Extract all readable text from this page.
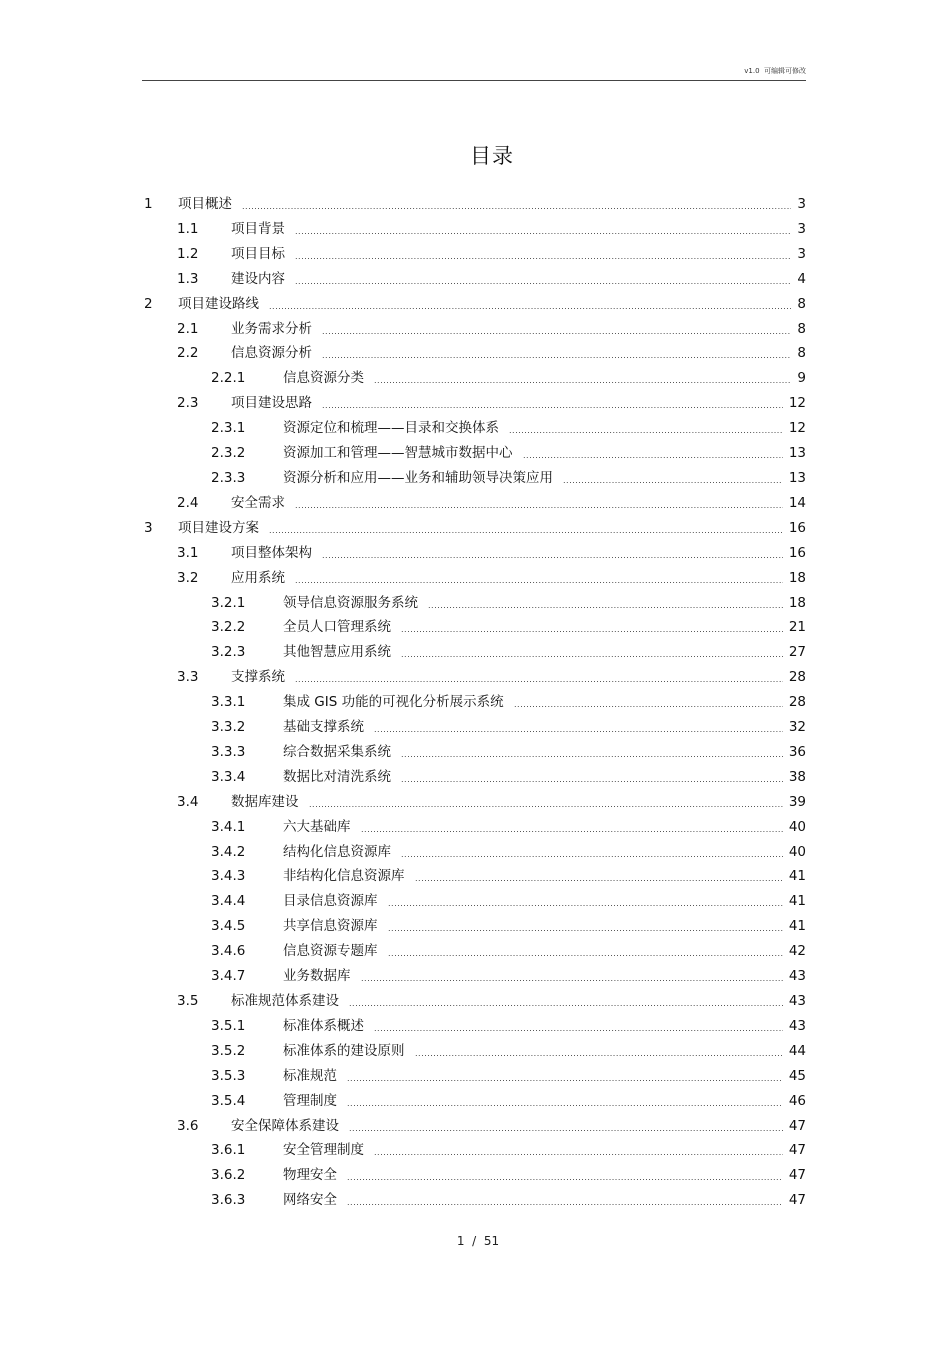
v1.0  可编辑可修改
目录
1 项目概述 .....	3
1.1 项目背景 .....	3
1.2 项目目标 .....	3
1.3 建设内容 .....	4
2 项目建设路线 .....	8
2.1 业务需求分析 .....	8
2.2 信息资源分析 .....	8
2.2.1	信息资源分类 .....	9
2.3 项目建设思路 .....	12
2.3.1	资源定位和梳理——目录和交换体系 .....	12
2.3.2	资源加工和管理——智慧城市数据中心 .....	13
2.3.3	资源分析和应用——业务和辅助领导决策应用 .....	13
2.4 安全需求 .....	14
3 项目建设方案 .....	16
3.1 项目整体架构 .....	16
3.2 应用系统 .....	18
3.2.1	领导信息资源服务系统 .....	18
3.2.2	全员人口管理系统 .....	21
3.2.3	其他智慧应用系统 .....	27
3.3 支撑系统 .....	28
3.3.1	集成 GIS 功能的可视化分析展示系统 .....	28
3.3.2	基础支撑系统 .....	32
3.3.3	综合数据采集系统 .....	36
3.3.4	数据比对清洗系统 .....	38
3.4 数据库建设 .....	39
3.4.1	六大基础库 .....	40
3.4.2	结构化信息资源库 .....	40
3.4.3	非结构化信息资源库 .....	41
3.4.4	目录信息资源库 .....	41
3.4.5	共享信息资源库 .....	41
3.4.6	信息资源专题库 .....	42
3.4.7	业务数据库 .....	43
3.5 标准规范体系建设 .....	43
3.5.1	标准体系概述 .....	43
3.5.2	标准体系的建设原则 .....	44
3.5.3	标准规范 .....	45
3.5.4	管理制度 .....	46
3.6 安全保障体系建设 .....	47
3.6.1	安全管理制度 .....	47
3.6.2	物理安全 .....	47
3.6.3	网络安全 .....	47
1  /  51
